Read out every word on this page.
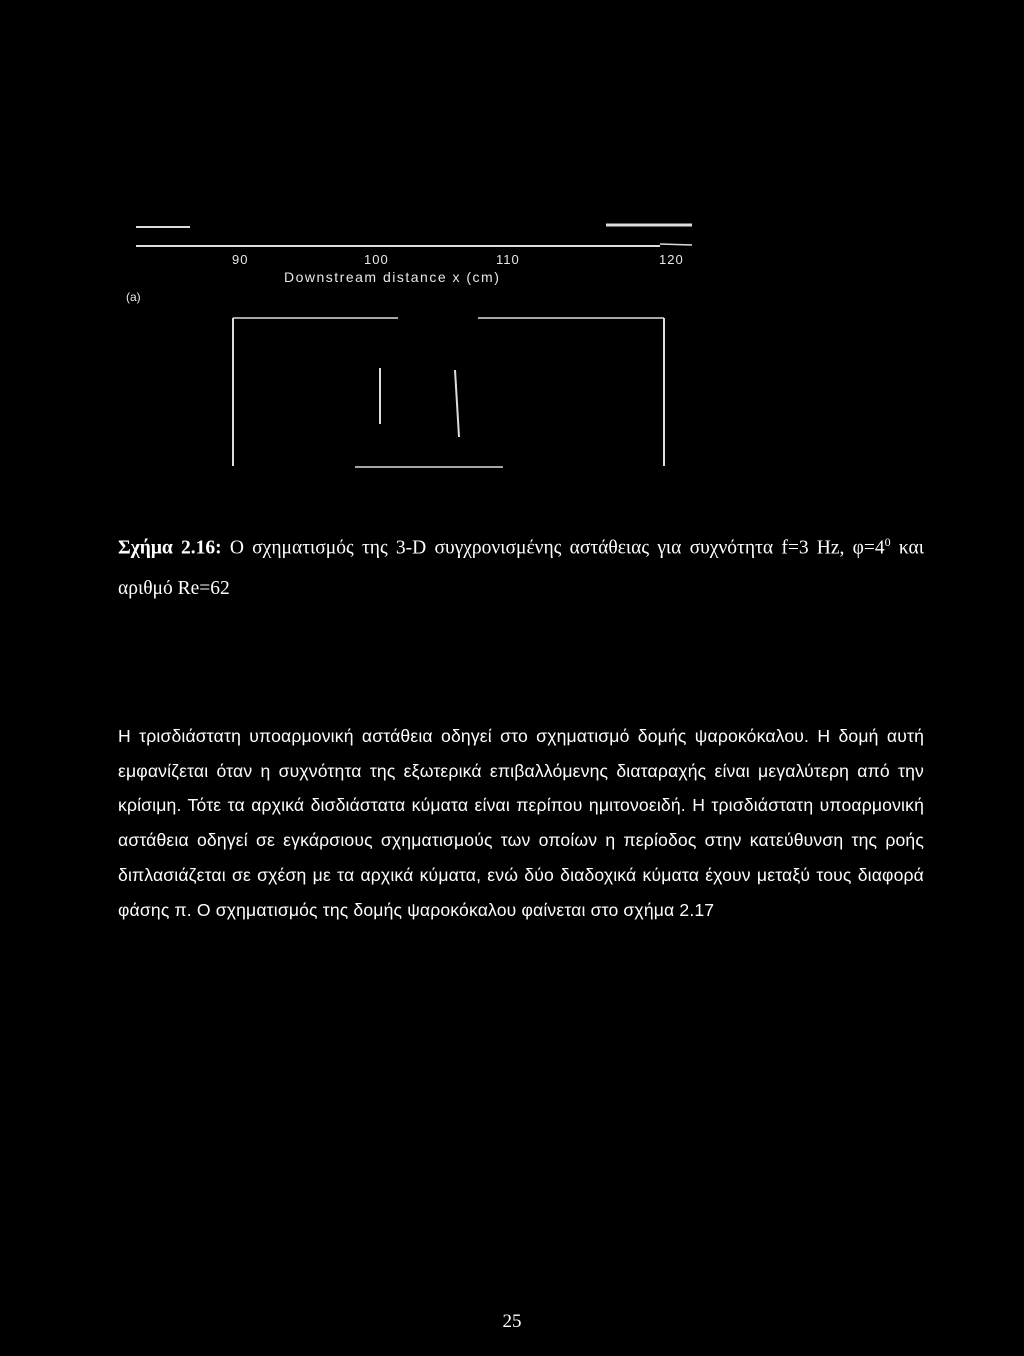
90	100	110	120
Downstream distance x (cm)
(a)
Σχήμα 2.16: Ο σχηματισμός της 3-D συγχρονισμένης αστάθειας για συχνότητα f=3 Hz, $\varphi=4^0$ και αριθμό Re=62
Η τρισδιάστατη υποαρμονική αστάθεια οδηγεί στο σχηματισμό δομής ψαροκόκαλου. Η δομή αυτή εμφανίζεται όταν η συχνότητα της εξωτερικά επιβαλλόμενης διαταραχής είναι μεγαλύτερη από την κρίσιμη. Τότε τα αρχικά δισδιάστατα κύματα είναι περίπου ημιτονοειδή. Η τρισδιάστατη υποαρμονική αστάθεια οδηγεί σε εγκάρσιους σχηματισμούς των οποίων η περίοδος στην κατεύθυνση της ροής διπλασιάζεται σε σχέση με τα αρχικά κύματα, ενώ δύο διαδοχικά κύματα έχουν μεταξύ τους διαφορά φάσης π. Ο σχηματισμός της δομής ψαροκόκαλου φαίνεται στο σχήμα 2.17
25
